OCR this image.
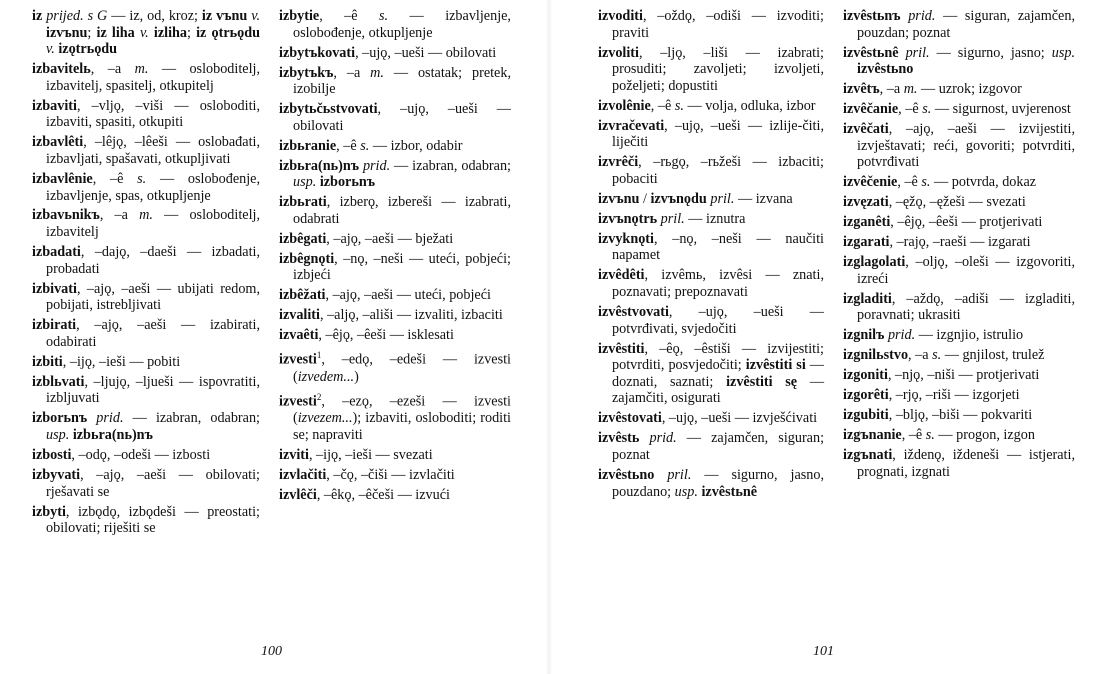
iz prijed. s G — iz, od, kroz; iz vъnu v. izvъnu; iz liha v. izliha; iz ǫtrьǫdu v. izǫtrьǫdu

izbavitelь, –a m. — osloboditelj, izbavitelj, spasitelj, otkupitelj

izbaviti, –vljǫ, –viši — osloboditi, izbaviti, spasiti, otkupiti

izbavlêti, –lêjǫ, –lêeši — oslobađati, izbavljati, spašavati, otkupljivati

izbavlênie, –ê s. — oslobođenje, izbavljenje, spas, otkupljenje

izbavьnikъ, –a m. — osloboditelj, izbavitelj

izbadati, –dajǫ, –daeši — izbadati, probadati

izbivati, –ajǫ, –aeši — ubijati redom, pobijati, istrebljivati

izbirati, –ajǫ, –aeši — izabirati, odabirati

izbiti, –ijǫ, –ieši — pobiti

izblьvati, –ljujǫ, –ljueši — ispovratiti, izbljuvati

izborьnъ prid. — izabran, odabran; usp. izbьra(nь)nъ

izbosti, –odǫ, –odeši — izbosti

izbyvati, –ajǫ, –aeši — obilovati; rješavati se

izbyti, izbǫdǫ, izbǫdeši — preostati; obilovati; riješiti se

izbytie, –ê s. — izbavljenje, oslobođenje, otkupljenje

izbytъkovati, –ujǫ, –ueši — obilovati

izbytъkъ, –a m. — ostatak; pretek, izobilje

izbytьčьstvovati, –ujǫ, –ueši — obilovati

izbьranie, –ê s. — izbor, odabir

izbьra(nь)nъ prid. — izabran, odabran; usp. izborьnъ

izbьrati, izberǫ, izbereši — izabrati, odabrati

izbêgati, –ajǫ, –aeši — bježati

izbêgnǫti, –nǫ, –neši — uteći, pobjeći; izbjeći

izbêžati, –ajǫ, –aeši — uteći, pobjeći

izvaliti, –aljǫ, –ališi — izvaliti, izbaciti

izvaêti, –êjǫ, –êeši — isklesati

izvesti$^1$, –edǫ, –edeši — izvesti (izvedem...)

izvesti$^2$, –ezǫ, –ezeši — izvesti (izvezem...); izbaviti, osloboditi; roditi se; napraviti

izviti, –ijǫ, –ieši — svezati

izvlačiti, –čǫ, –čiši — izvlačiti

izvlêči, –êkǫ, –êčeši — izvući

100

izvoditi, –oždǫ, –odiši — izvoditi; praviti

izvoliti, –ljǫ, –liši — izabrati; prosuditi; zavoljeti; izvoljeti, poželjeti; dopustiti

izvolênie, –ê s. — volja, odluka, izbor

izvračevati, –ujǫ, –ueši — izlije-čiti, liječiti

izvrêči, –rьgǫ, –rьžeši — izbaciti; pobaciti

izvъnu / izvъnǫdu pril. — izvana

izvъnǫtrь pril. — iznutra

izvyknǫti, –nǫ, –neši — naučiti napamet

izvêdêti, izvêmь, izvêsi — znati, poznavati; prepoznavati

izvêstvovati, –ujǫ, –ueši — potvrđivati, svjedočiti

izvêstiti, –êǫ, –êstiši — izvijestiti; potvrditi, posvjedočiti; izvêstiti si — doznati, saznati; izvêstiti sę — zajamčiti, osigurati

izvêstovati, –ujǫ, –ueši — izvješćivati

izvêstь prid. — zajamčen, siguran; poznat

izvêstьno pril. — sigurno, jasno, pouzdano; usp. izvêstьnê

izvêstьnъ prid. — siguran, zajamčen, pouzdan; poznat

izvêstьnê pril. — sigurno, jasno; usp. izvêstьno

izvêtъ, –a m. — uzrok; izgovor

izvêčanie, –ê s. — sigurnost, uvjerenost

izvêčati, –ajǫ, –aeši — izvijestiti, izvještavati; reći, govoriti; potvrditi, potvrđivati

izvêčenie, –ê s. — potvrda, dokaz

izvęzati, –ęžǫ, –ęžeši — svezati

izganêti, –êjǫ, –êeši — protjerivati

izgarati, –rajǫ, –raeši — izgarati

izglagolati, –oljǫ, –oleši — izgovoriti, izreći

izgladiti, –aždǫ, –adiši — izgladiti, poravnati; ukrasiti

izgnilъ prid. — izgnjio, istrulio

izgnilьstvo, –a s. — gnjilost, trulež

izgoniti, –njǫ, –niši — protjerivati

izgorêti, –rjǫ, –riši — izgorjeti

izgubiti, –bljǫ, –biši — pokvariti

izgъnanie, –ê s. — progon, izgon

izgъnati, iždenǫ, iždeneši — istjerati, prognati, izgnati

101
